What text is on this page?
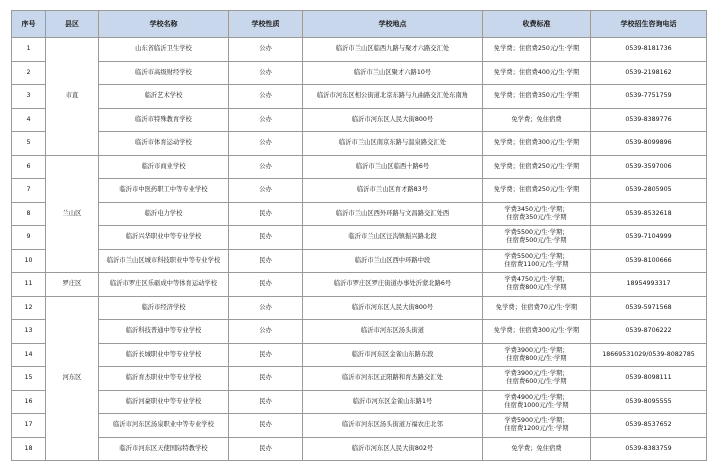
序号	县区	学校名称	学校性质	学校地点	收费标准	学校招生咨询电话
1	市直	山东省临沂卫生学校	公办	临沂市兰山区临西九路与聚才六路交汇处	免学费；住宿费250元/生·学期	0539-8181736
2		临沂市高级财经学校	公办	临沂市兰山区聚才六路10号	免学费；住宿费400元/生·学期	0539-2198162
3		临沂艺术学校	公办	临沂市河东区相公街道北京东路与九曲路交汇处东南角	免学费；住宿费350元/生·学期	0539-7751759
4		临沂市特殊教育学校	公办	临沂市河东区人民大街800号	免学费；免住宿费	0539-8389776
5		临沂市体育运动学校	公办	临沂市兰山区南京东路与温泉路交汇处	免学费；住宿费300元/生·学期	0539-8099896
6	兰山区	临沂市商业学校	公办	临沂市兰山区临西十路6号	免学费；住宿费250元/生·学期	0539-3597006
7		临沂市中医药职工中等专业学校	公办	临沂市兰山区育才路83号	免学费；住宿费250元/生·学期	0539-2805905
8		临沂电力学校	民办	临沂市兰山区西外环路与文昌路交汇处西	学费3450元/生·学期；
住宿费350元/生·学期	0539-8532618
9		临沂兴华职业中等专业学校	民办	临沂市兰山区汪沟镇振兴路北段	学费5500元/生·学期；
住宿费500元/生·学期	0539-7104999
10		临沂市兰山区城市科技职业中等专业学校	民办	临沂市兰山区西中环路中段	学费5500元/生·学期；
住宿费1100元/生·学期	0539-8100666
11	罗庄区	临沂市罗庄区乐砺成中等体育运动学校	民办	临沂市罗庄区罗庄街道办事处沂蒙北路6号	学费4750元/生·学期；
住宿费800元/生·学期	18954993317
12	河东区	临沂市经济学校	公办	临沂市河东区人民大街800号	免学费；住宿费70元/生·学期	0539-5971568
13		临沂科技普通中等专业学校	公办	临沂市河东区汤头街道	免学费；住宿费300元/生·学期	0539-8706222
14		临沂长城职业中等专业学校	民办	临沂市河东区金雀山东路东段	学费3900元/生·学期；
住宿费800元/生·学期	18669531029/0539-8082785
15		临沂育杰职业中等专业学校	民办	临沂市河东区正阳路和育杰路交汇处	学费3900元/生·学期；
住宿费600元/生·学期	0539-8098111
16		临沂河豪职业中等专业学校	民办	临沂市河东区金雀山东路1号	学费4900元/生·学期；
住宿费1000元/生·学期	0539-8095555
17		临沂市河东区汤泉职业中等专业学校	民办	临沂市河东区汤头街道万福农庄北邻	学费5900元/生·学期；
住宿费1200元/生·学期	0539-8537652
18		临沂市河东区天使国际特教学校	民办	临沂市河东区人民大街802号	免学费；免住宿费	0539-8383759
